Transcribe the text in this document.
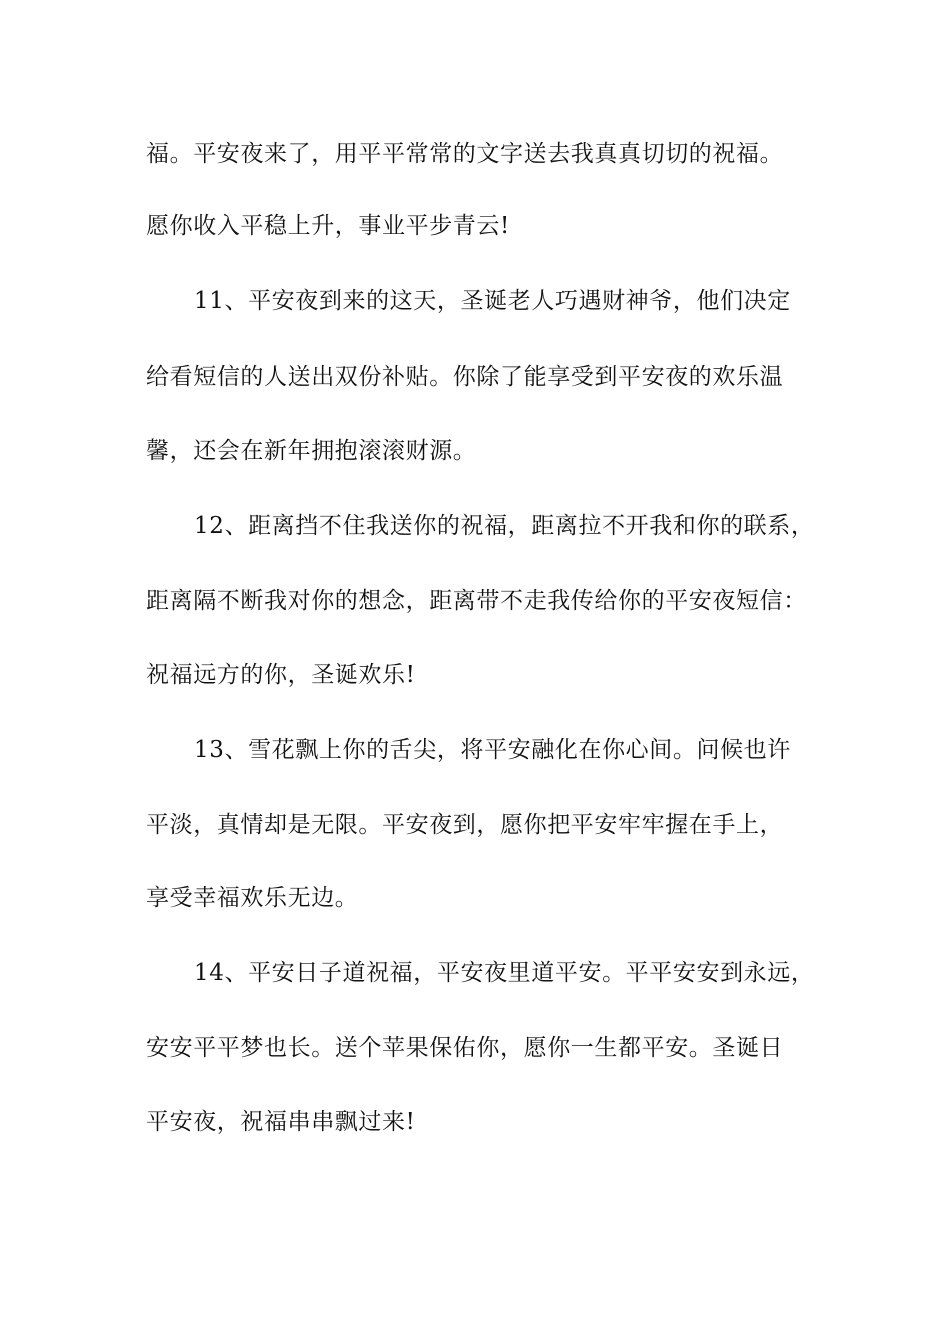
福。平安夜来了，用平平常常的文字送去我真真切切的祝福。
愿你收入平稳上升，事业平步青云!
11、平安夜到来的这天，圣诞老人巧遇财神爷，他们决定
给看短信的人送出双份补贴。你除了能享受到平安夜的欢乐温
馨，还会在新年拥抱滚滚财源。
12、距离挡不住我送你的祝福，距离拉不开我和你的联系，
距离隔不断我对你的想念，距离带不走我传给你的平安夜短信：
祝福远方的你，圣诞欢乐!
13、雪花飘上你的舌尖，将平安融化在你心间。问候也许
平淡，真情却是无限。平安夜到，愿你把平安牢牢握在手上，
享受幸福欢乐无边。
14、平安日子道祝福，平安夜里道平安。平平安安到永远，
安安平平梦也长。送个苹果保佑你，愿你一生都平安。圣诞日
平安夜，祝福串串飘过来!
